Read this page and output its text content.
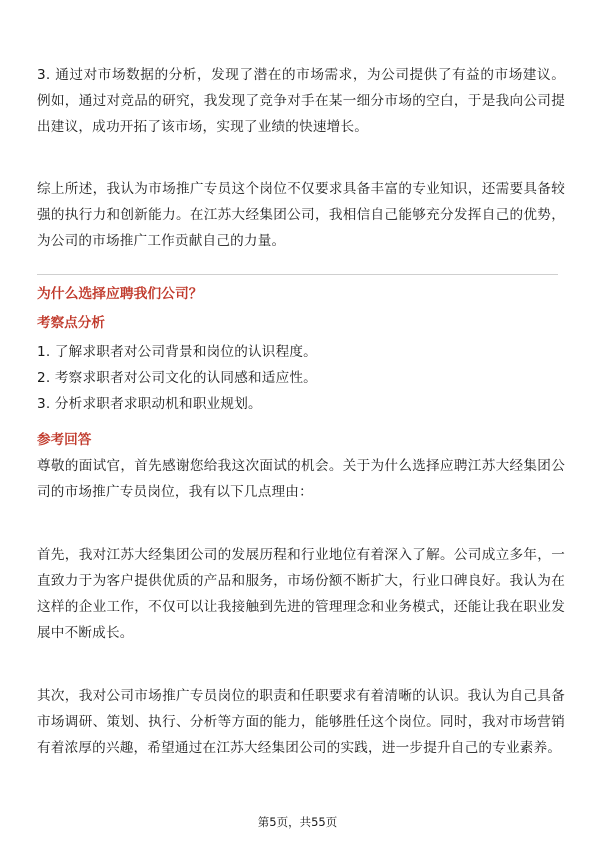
3. 通过对市场数据的分析，发现了潜在的市场需求，为公司提供了有益的市场建议。例如，通过对竞品的研究，我发现了竞争对手在某一细分市场的空白，于是我向公司提出建议，成功开拓了该市场，实现了业绩的快速增长。

综上所述，我认为市场推广专员这个岗位不仅要求具备丰富的专业知识，还需要具备较强的执行力和创新能力。在江苏大经集团公司，我相信自己能够充分发挥自己的优势，为公司的市场推广工作贡献自己的力量。

为什么选择应聘我们公司？
考察点分析
1. 了解求职者对公司背景和岗位的认识程度。
2. 考察求职者对公司文化的认同感和适应性。
3. 分析求职者求职动机和职业规划。
参考回答

尊敬的面试官，首先感谢您给我这次面试的机会。关于为什么选择应聘江苏大经集团公司的市场推广专员岗位，我有以下几点理由：

首先，我对江苏大经集团公司的发展历程和行业地位有着深入了解。公司成立多年，一直致力于为客户提供优质的产品和服务，市场份额不断扩大，行业口碑良好。我认为在这样的企业工作，不仅可以让我接触到先进的管理理念和业务模式，还能让我在职业发展中不断成长。

其次，我对公司市场推广专员岗位的职责和任职要求有着清晰的认识。我认为自己具备市场调研、策划、执行、分析等方面的能力，能够胜任这个岗位。同时，我对市场营销有着浓厚的兴趣，希望通过在江苏大经集团公司的实践，进一步提升自己的专业素养。

第5页，共55页
